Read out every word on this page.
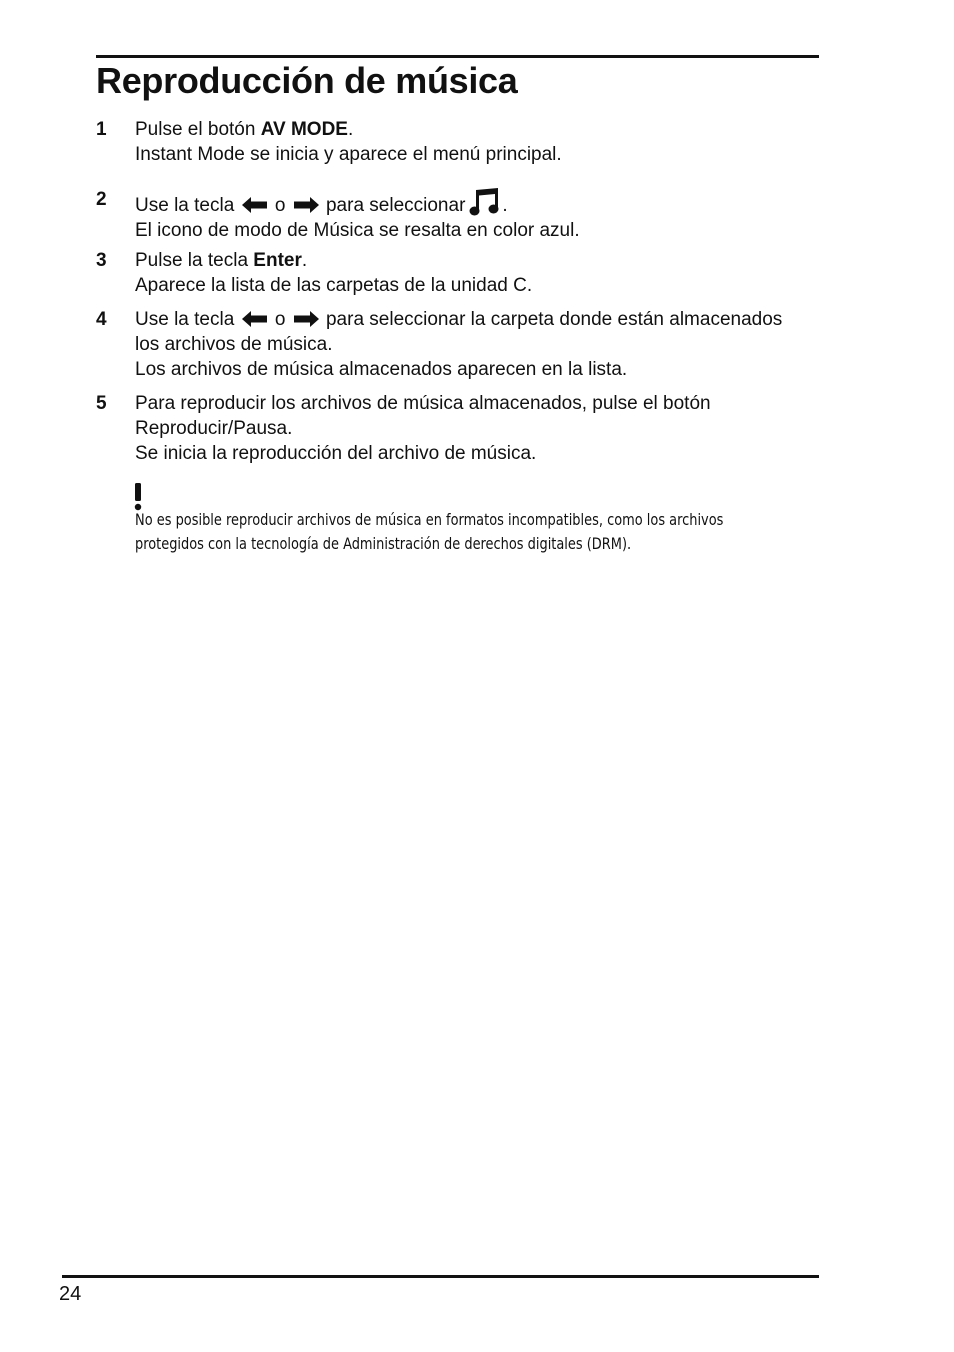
Reproducción de música
1 Pulse el botón AV MODE.
Instant Mode se inicia y aparece el menú principal.
2 Use la tecla o para seleccionar .
El icono de modo de Música se resalta en color azul.
3 Pulse la tecla Enter.
Aparece la lista de las carpetas de la unidad C.
4 Use la tecla o para seleccionar la carpeta donde están almacenados
los archivos de música.
Los archivos de música almacenados aparecen en la lista.
5 Para reproducir los archivos de música almacenados, pulse el botón
Reproducir/Pausa.
Se inicia la reproducción del archivo de música.
No es posible reproducir archivos de música en formatos incompatibles, como los archivos
protegidos con la tecnología de Administración de derechos digitales (DRM).
24
